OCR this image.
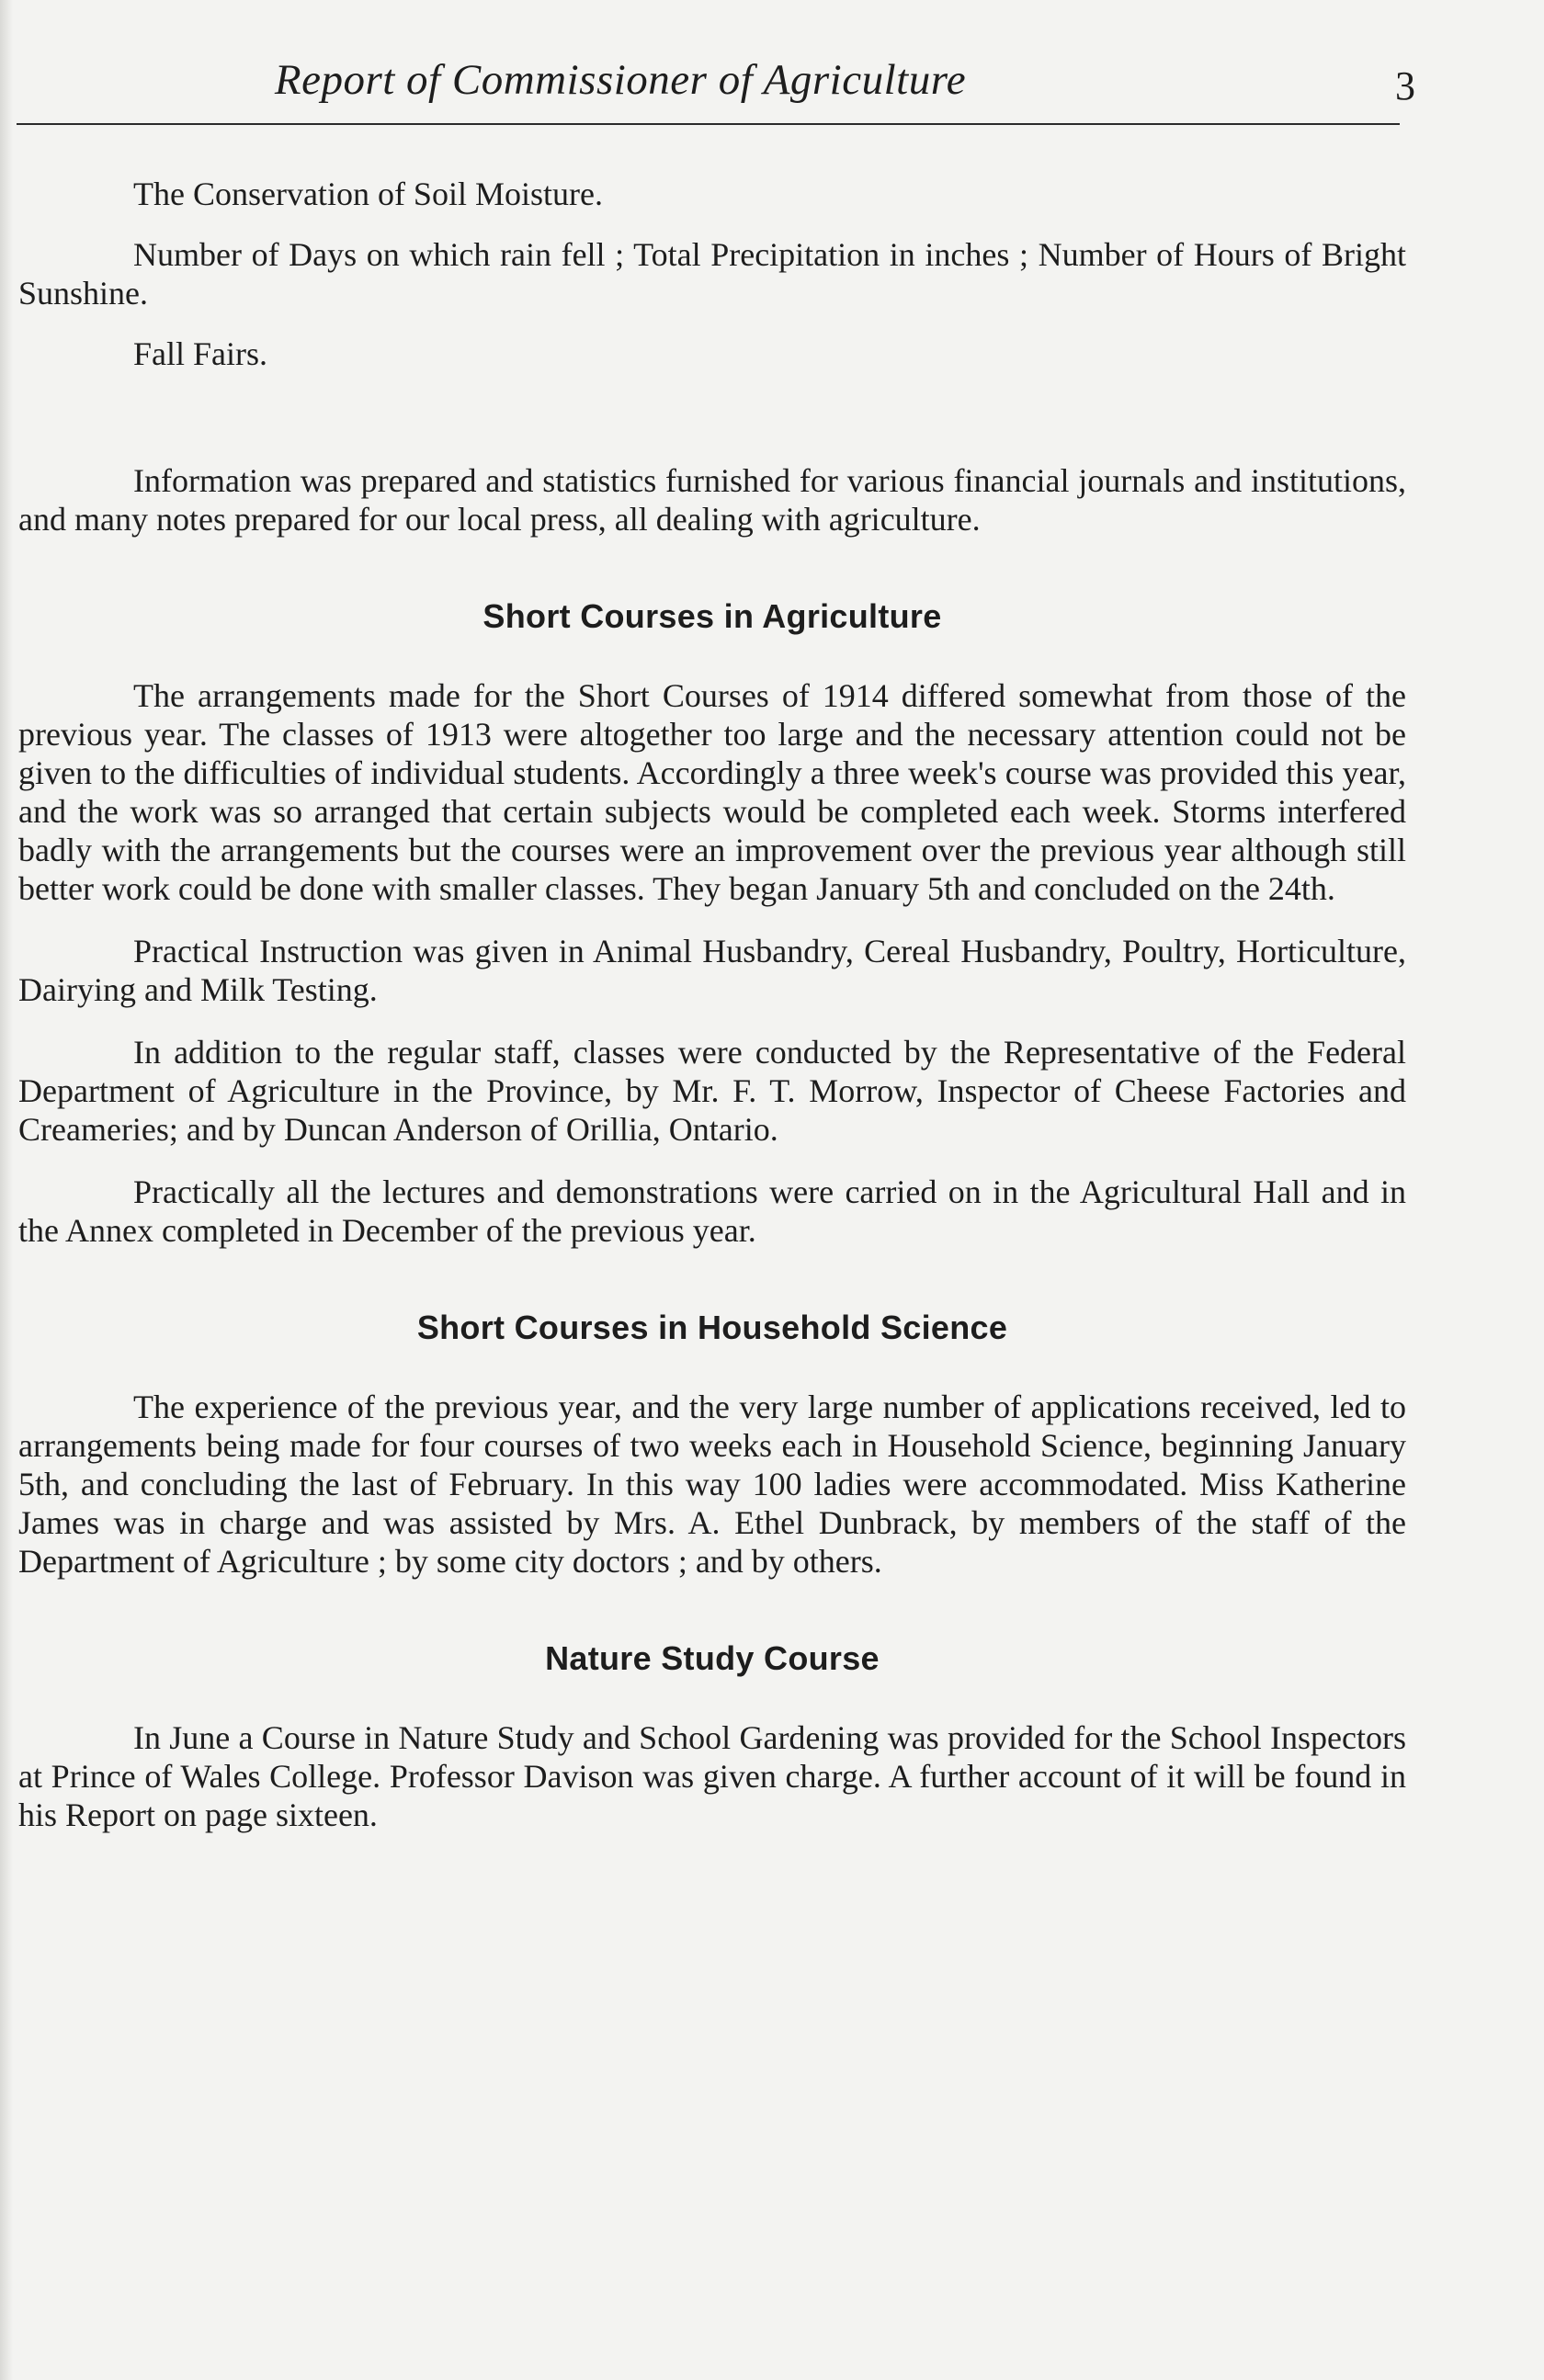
Report of Commissioner of Agriculture	3

The Conservation of Soil Moisture.

Number of Days on which rain fell ; Total Precipitation in inches ; Number of Hours of Bright Sunshine.

Fall Fairs.

Information was prepared and statistics furnished for various financial journals and institutions, and many notes prepared for our local press, all dealing with agriculture.

Short Courses in Agriculture

The arrangements made for the Short Courses of 1914 differed somewhat from those of the previous year. The classes of 1913 were altogether too large and the necessary attention could not be given to the difficulties of individual students. Accordingly a three week's course was provided this year, and the work was so arranged that certain subjects would be completed each week. Storms interfered badly with the arrangements but the courses were an improvement over the previous year although still better work could be done with smaller classes. They began January 5th and concluded on the 24th.

Practical Instruction was given in Animal Husbandry, Cereal Husbandry, Poultry, Horticulture, Dairying and Milk Testing.

In addition to the regular staff, classes were conducted by the Representative of the Federal Department of Agriculture in the Province, by Mr. F. T. Morrow, Inspector of Cheese Factories and Creameries; and by Duncan Anderson of Orillia, Ontario.

Practically all the lectures and demonstrations were carried on in the Agricultural Hall and in the Annex completed in December of the previous year.

Short Courses in Household Science

The experience of the previous year, and the very large number of applications received, led to arrangements being made for four courses of two weeks each in Household Science, beginning January 5th, and concluding the last of February. In this way 100 ladies were accommodated. Miss Katherine James was in charge and was assisted by Mrs. A. Ethel Dunbrack, by members of the staff of the Department of Agriculture ; by some city doctors ; and by others.

Nature Study Course

In June a Course in Nature Study and School Gardening was provided for the School Inspectors at Prince of Wales College. Professor Davison was given charge. A further account of it will be found in his Report on page sixteen.
